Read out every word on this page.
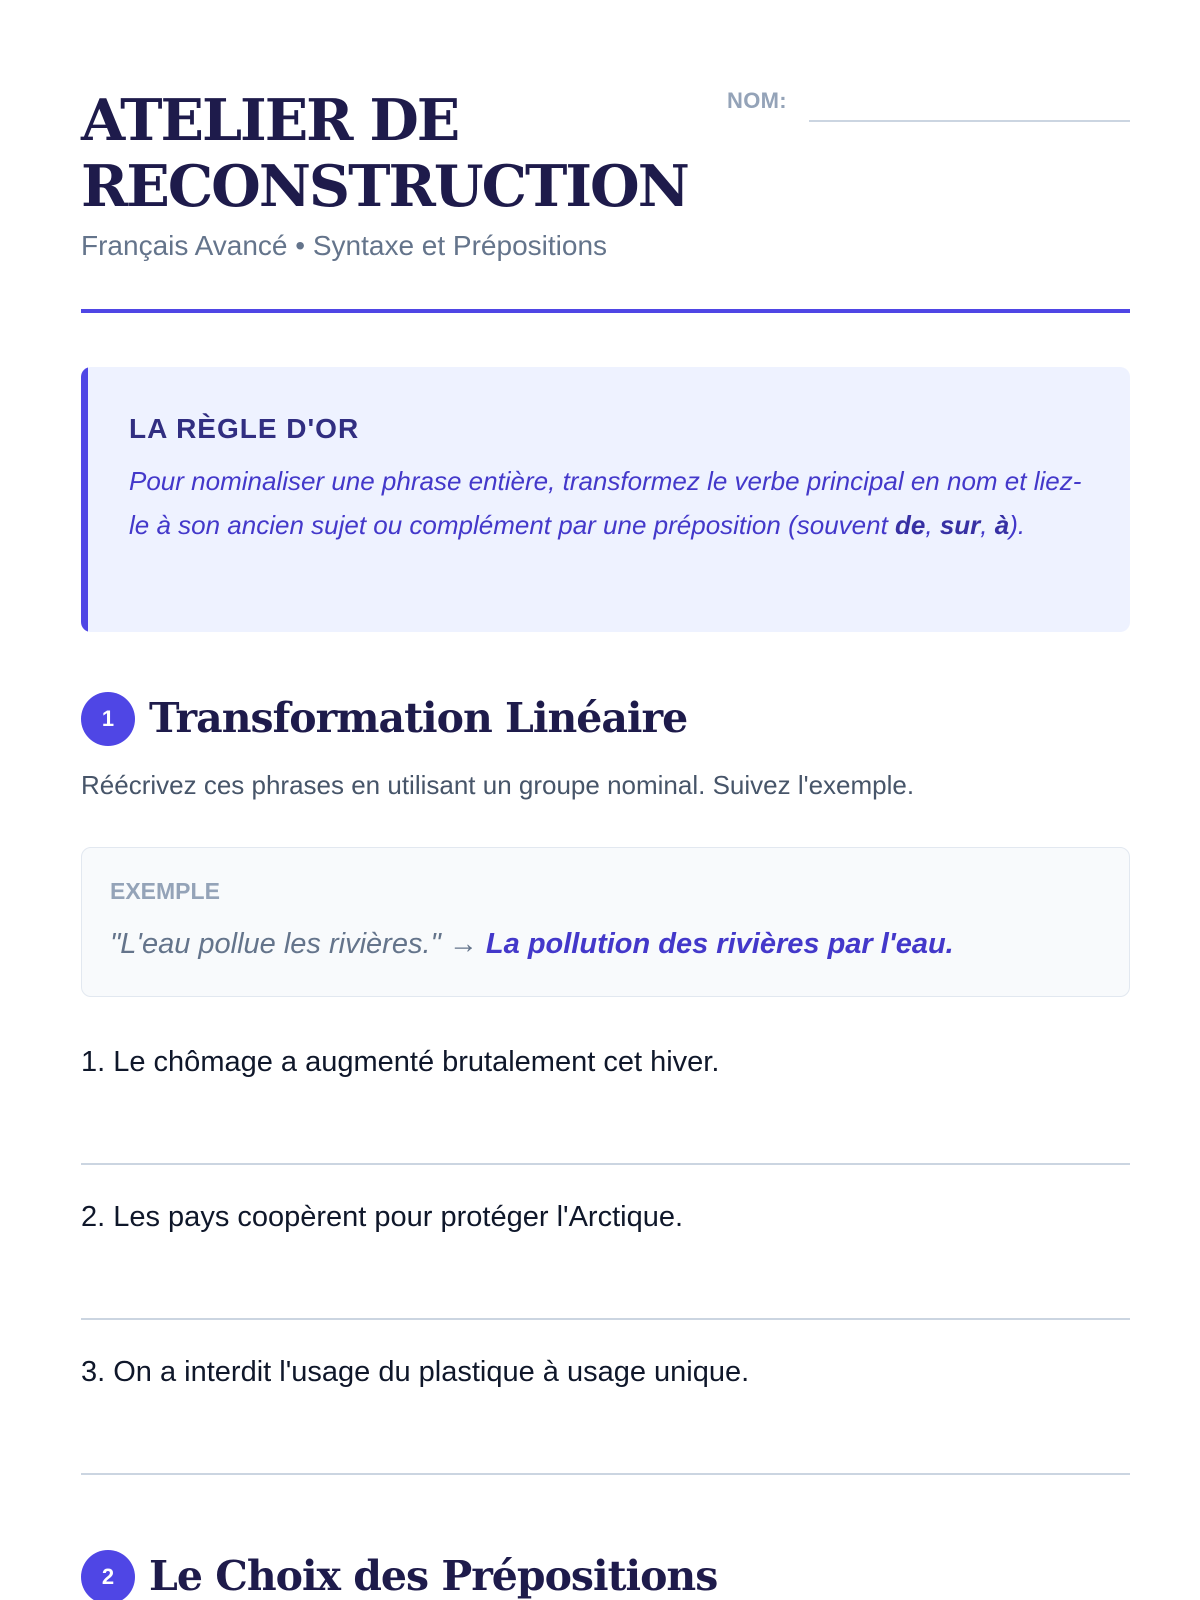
ATELIER DE RECONSTRUCTION
Français Avancé • Syntaxe et Prépositions
NOM:
LA RÈGLE D'OR
Pour nominaliser une phrase entière, transformez le verbe principal en nom et liez-le à son ancien sujet ou complément par une préposition (souvent de, sur, à).
1 Transformation Linéaire
Réécrivez ces phrases en utilisant un groupe nominal. Suivez l'exemple.
EXEMPLE
"L'eau pollue les rivières." → La pollution des rivières par l'eau.
1. Le chômage a augmenté brutalement cet hiver.
2. Les pays coopèrent pour protéger l'Arctique.
3. On a interdit l'usage du plastique à usage unique.
2 Le Choix des Prépositions
